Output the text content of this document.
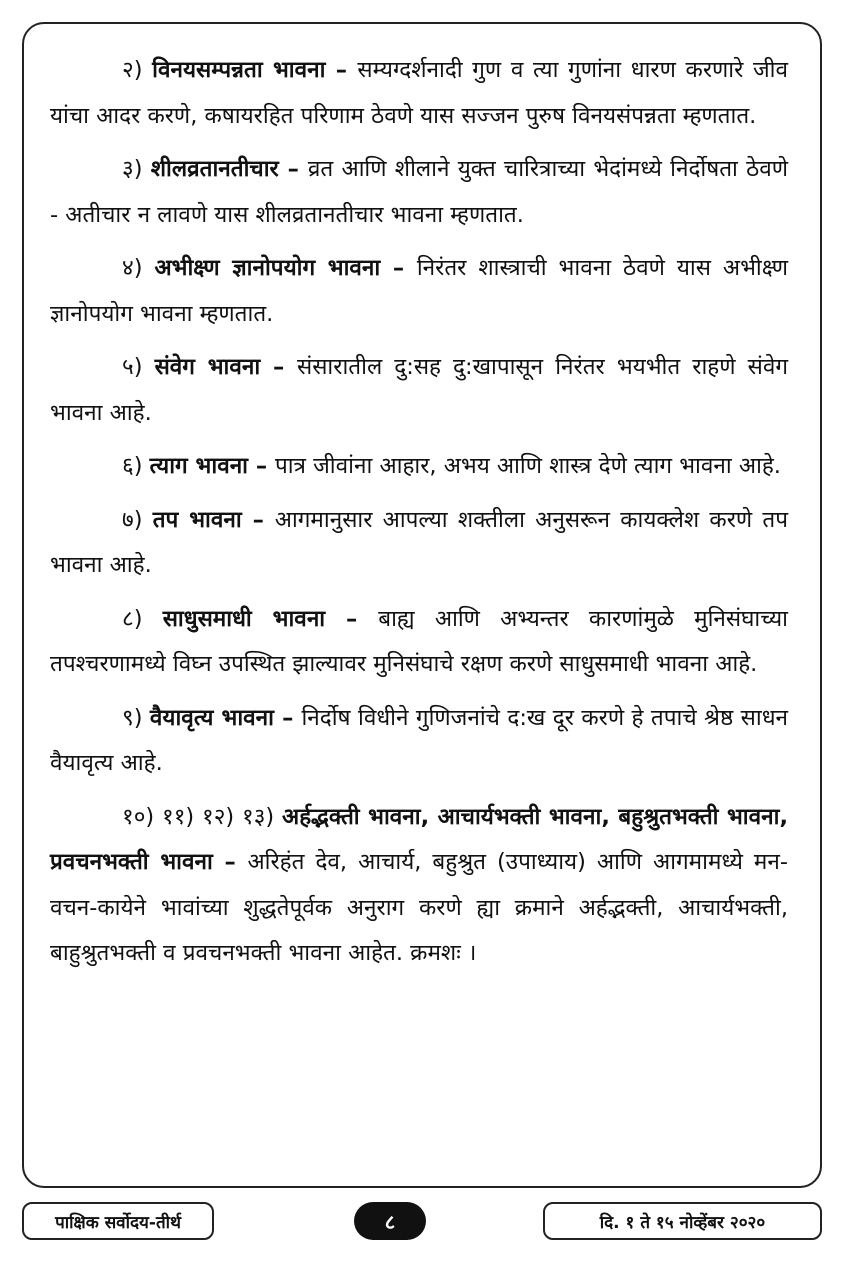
२) विनयसम्पन्नता भावना – सम्यग्दर्शनादी गुण व त्या गुणांना धारण करणारे जीव यांचा आदर करणे, कषायरहित परिणाम ठेवणे यास सज्जन पुरुष विनयसंपन्नता म्हणतात.

३) शीलव्रतानतीचार – व्रत आणि शीलाने युक्त चारित्राच्या भेदांमध्ये निर्दोषता ठेवणे - अतीचार न लावणे यास शीलव्रतानतीचार भावना म्हणतात.

४) अभीक्ष्ण ज्ञानोपयोग भावना – निरंतर शास्त्राची भावना ठेवणे यास अभीक्ष्ण ज्ञानोपयोग भावना म्हणतात.

५) संवेग भावना – संसारातील दु:सह दु:खापासून निरंतर भयभीत राहणे संवेग भावना आहे.

६) त्याग भावना – पात्र जीवांना आहार, अभय आणि शास्त्र देणे त्याग भावना आहे.

७) तप भावना – आगमानुसार आपल्या शक्तीला अनुसरून कायक्लेश करणे तप भावना आहे.

८) साधुसमाधी भावना – बाह्य आणि अभ्यन्तर कारणांमुळे मुनिसंघाच्या तपश्चरणामध्ये विघ्न उपस्थित झाल्यावर मुनिसंघाचे रक्षण करणे साधुसमाधी भावना आहे.

९) वैयावृत्य भावना – निर्दोष विधीने गुणिजनांचे द:ख दूर करणे हे तपाचे श्रेष्ठ साधन वैयावृत्य आहे.

१०) ११) १२) १३) अर्हद्भक्ती भावना, आचार्यभक्ती भावना, बहुश्रुतभक्ती भावना, प्रवचनभक्ती भावना – अरिहंत देव, आचार्य, बहुश्रुत (उपाध्याय) आणि आगमामध्ये मन-वचन-कायेने भावांच्या शुद्धतेपूर्वक अनुराग करणे ह्या क्रमाने अर्हद्भक्ती, आचार्यभक्ती, बाहुश्रुतभक्ती व प्रवचनभक्ती भावना आहेत. क्रमशः ।

पाक्षिक सर्वोदय-तीर्थ	८	दि. १ ते १५ नोव्हेंबर २०२०
